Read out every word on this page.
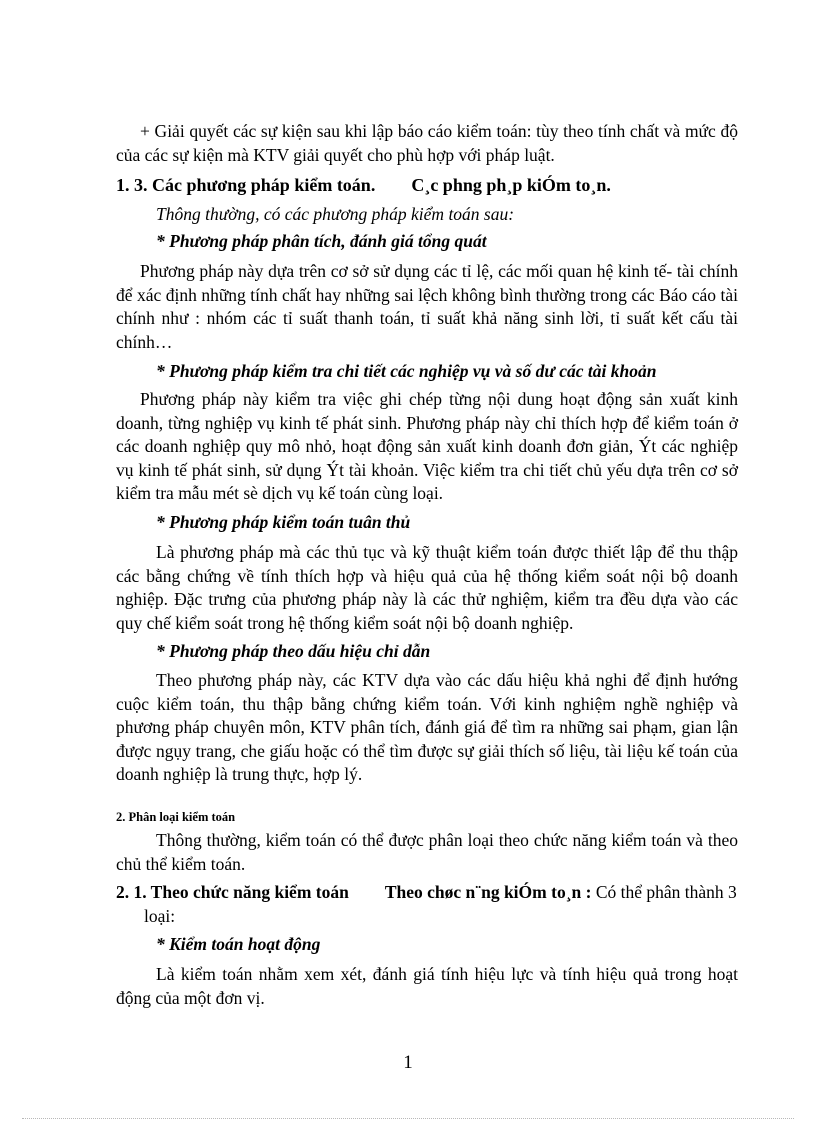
+ Giải quyết các sự kiện sau khi lập báo cáo kiểm toán: tùy theo tính chất và mức độ của các sự kiện mà KTV giải quyết cho phù hợp với pháp luật.
1. 3. Các phương pháp kiểm toán. C¸c phng ph¸p kiÓm to¸n.
Thông thường, có các phương pháp kiểm toán sau:
* Phương pháp phân tích, đánh giá tổng quát
Phương pháp này dựa trên cơ sở sử dụng các tỉ lệ, các mối quan hệ kinh tế- tài chính để xác định những tính chất hay những sai lệch không bình thường trong các Báo cáo tài chính như : nhóm các tỉ suất thanh toán, tỉ suất khả năng sinh lời, tỉ suất kết cấu tài chính…
* Phương pháp kiểm tra chi tiết các nghiệp vụ và số dư các tài khoản
Phương pháp này kiểm tra việc ghi chép từng nội dung hoạt động sản xuất kinh doanh, từng nghiệp vụ kinh tế phát sinh. Phương pháp này chỉ thích hợp để kiểm toán ở các doanh nghiệp quy mô nhỏ, hoạt động sản xuất kinh doanh đơn giản, Ýt các nghiệp vụ kinh tế phát sinh, sử dụng Ýt tài khoản. Việc kiểm tra chi tiết chủ yếu dựa trên cơ sở kiểm tra mẫu mét sè dịch vụ kế toán cùng loại.
* Phương pháp kiểm toán tuân thủ
Là phương pháp mà các thủ tục và kỹ thuật kiểm toán được thiết lập để thu thập các bằng chứng về tính thích hợp và hiệu quả của hệ thống kiểm soát nội bộ doanh nghiệp. Đặc trưng của phương pháp này là các thử nghiệm, kiểm tra đều dựa vào các quy chế kiểm soát trong hệ thống kiểm soát nội bộ doanh nghiệp.
* Phương pháp theo dấu hiệu chỉ dẫn
Theo phương pháp này, các KTV dựa vào các dấu hiệu khả nghi để định hướng cuộc kiểm toán, thu thập bằng chứng kiểm toán. Với kinh nghiệm nghề nghiệp và phương pháp chuyên môn, KTV phân tích, đánh giá để tìm ra những sai phạm, gian lận được ngụy trang, che giấu hoặc có thể tìm được sự giải thích số liệu, tài liệu kế toán của doanh nghiệp là trung thực, hợp lý.
2. Phân loại kiểm toán
Thông thường, kiểm toán có thể được phân loại theo chức năng kiểm toán và theo chủ thể kiểm toán.
2. 1. Theo chức năng kiểm toán Theo chøc n¨ng kiÓm to¸n : Có thể phân thành 3 loại:
* Kiểm toán hoạt động
Là kiểm toán nhằm xem xét, đánh giá tính hiệu lực và tính hiệu quả trong hoạt động của một đơn vị.
1
